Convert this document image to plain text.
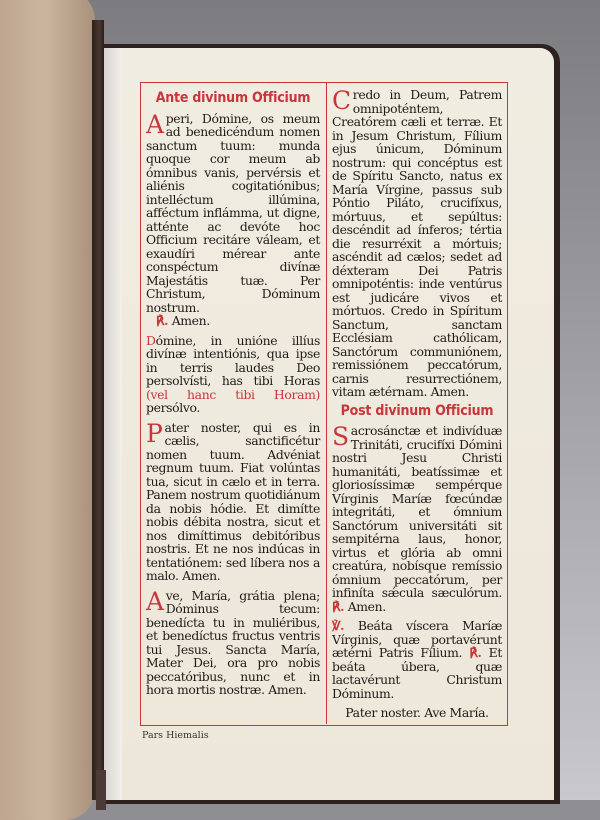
Ante divinum Officium

Aperi, Dómine, os meum ad benedicéndum nomen sanctum tuum: munda quoque cor meum ab ómnibus vanis, pervérsis et aliénis cogitatiónibus; intelléctum illúmina, afféctum inflámma, ut digne, atténte ac devóte hoc Officium recitáre váleam, et exaudíri mérear ante conspéctum divínæ Majestátis tuæ. Per Christum, Dóminum nostrum.
℟. Amen.

Dómine, in unióne illíus divínæ intentiónis, qua ipse in terris laudes Deo persolvísti, has tibi Horas (vel hanc tibi Horam) persólvo.

Pater noster, qui es in cælis, sanctificétur nomen tuum. Advéniat regnum tuum. Fiat volúntas tua, sicut in cælo et in terra. Panem nostrum quotidiánum da nobis hódie. Et dimítte nobis débita nostra, sicut et nos dimíttimus debitóribus nostris. Et ne nos indúcas in tentatiónem: sed líbera nos a malo. Amen.

Ave, María, grátia plena; Dóminus tecum: benedícta tu in muliéribus, et benedíctus fructus ventris tui Jesus. Sancta María, Mater Dei, ora pro nobis peccatóribus, nunc et in hora mortis nostræ. Amen.

Credo in Deum, Patrem omnipoténtem, Creatórem cæli et terræ. Et in Jesum Christum, Fílium ejus únicum, Dóminum nostrum: qui concéptus est de Spíritu Sancto, natus ex María Vírgine, passus sub Póntio Piláto, crucifíxus, mórtuus, et sepúltus: descéndit ad ínferos; tértia die resurréxit a mórtuis; ascéndit ad cælos; sedet ad déxteram Dei Patris omnipoténtis: inde ventúrus est judicáre vivos et mórtuos. Credo in Spíritum Sanctum, sanctam Ecclésiam cathólicam, Sanctórum communiónem, remissiónem peccatórum, carnis resurrectiónem, vitam ætérnam. Amen.

Post divinum Officium

Sacrosánctæ et indivíduæ Trinitáti, crucifíxi Dómini nostri Jesu Christi humanitáti, beatíssimæ et gloriosíssimæ sempérque Vírginis Maríæ fœcúndæ integritáti, et ómnium Sanctórum universitáti sit sempitérna laus, honor, virtus et glória ab omni creatúra, nobísque remíssio ómnium peccatórum, per infiníta sǽcula sæculórum. ℟. Amen.

℣. Beáta víscera Maríæ Vírginis, quæ portavérunt ætérni Patris Fílium. ℟. Et beáta úbera, quæ lactavérunt Christum Dóminum.

Pater noster. Ave María.

Pars Hiemalis
